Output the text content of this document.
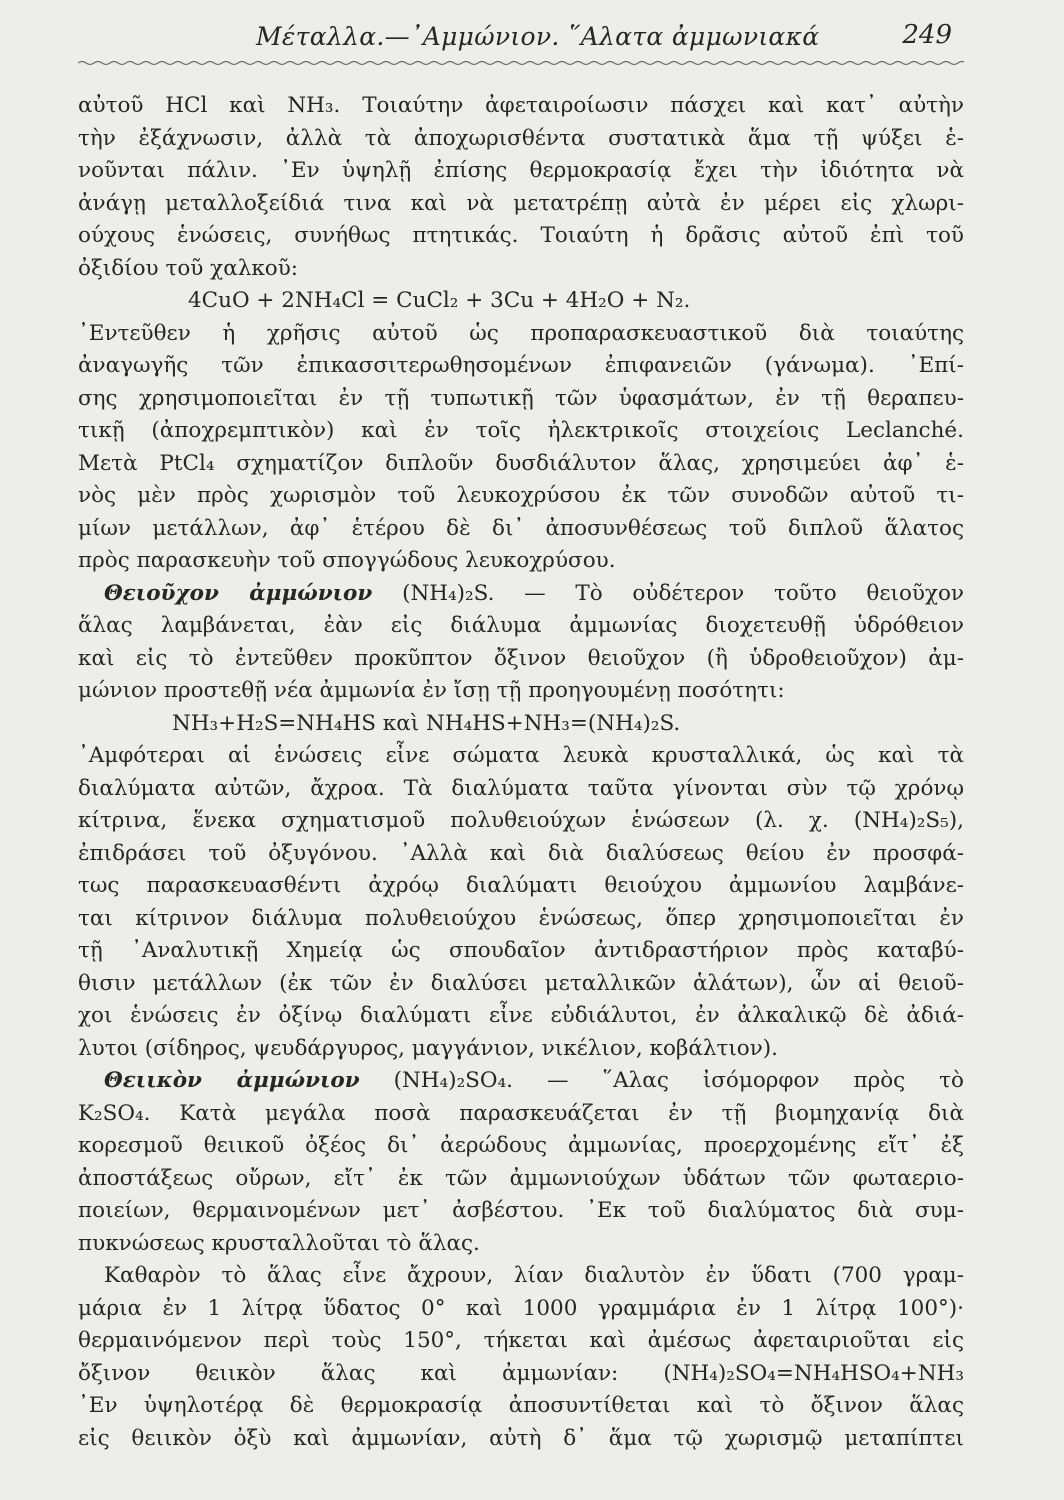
Μέταλλα.—᾿Αμμώνιον. ῞Αλατα ἀμμωνιακά	249
αὐτοῦ HCl καὶ NH₃. Τοιαύτην ἀφεταιροίωσιν πάσχει καὶ κατ᾿ αὐτὴν
τὴν ἐξάχνωσιν, ἀλλὰ τὰ ἀποχωρισθέντα συστατικὰ ἅμα τῇ ψύξει ἑ-
νοῦνται πάλιν. ᾿Εν ὑψηλῇ ἐπίσης θερμοκρασίᾳ ἔχει τὴν ἰδιότητα νὰ
ἀνάγῃ μεταλλοξείδιά τινα καὶ νὰ μετατρέπῃ αὐτὰ ἐν μέρει εἰς χλωρι-
ούχους ἑνώσεις, συνήθως πτητικάς. Τοιαύτη ἡ δρᾶσις αὐτοῦ ἐπὶ τοῦ
ὀξιδίου τοῦ χαλκοῦ:
4CuO + 2NH₄Cl = CuCl₂ + 3Cu + 4H₂O + N₂.
᾿Εντεῦθεν ἡ χρῆσις αὐτοῦ ὡς προπαρασκευαστικοῦ διὰ τοιαύτης
ἀναγωγῆς τῶν ἐπικασσιτερωθησομένων ἐπιφανειῶν (γάνωμα). ᾿Επί-
σης χρησιμοποιεῖται ἐν τῇ τυπωτικῇ τῶν ὑφασμάτων, ἐν τῇ θεραπευ-
τικῇ (ἀποχρεμπτικὸν) καὶ ἐν τοῖς ἠλεκτρικοῖς στοιχείοις Leclanché.
Μετὰ PtCl₄ σχηματίζον διπλοῦν δυσδιάλυτον ἅλας, χρησιμεύει ἀφ᾿ ἑ-
νὸς μὲν πρὸς χωρισμὸν τοῦ λευκοχρύσου ἐκ τῶν συνοδῶν αὐτοῦ τι-
μίων μετάλλων, ἀφ᾿ ἑτέρου δὲ δι᾿ ἀποσυνθέσεως τοῦ διπλοῦ ἅλατος
πρὸς παρασκευὴν τοῦ σπογγώδους λευκοχρύσου.
Θειοῦχον ἀμμώνιον (NH₄)₂S. — Τὸ οὐδέτερον τοῦτο θειοῦχον
ἅλας λαμβάνεται, ἐὰν εἰς διάλυμα ἀμμωνίας διοχετευθῇ ὑδρόθειον
καὶ εἰς τὸ ἐντεῦθεν προκῦπτον ὄξινον θειοῦχον (ἢ ὑδροθειοῦχον) ἀμ-
μώνιον προστεθῇ νέα ἀμμωνία ἐν ἴσῃ τῇ προηγουμένῃ ποσότητι:
NH₃+H₂S=NH₄HS καὶ NH₄HS+NH₃=(NH₄)₂S.
᾿Αμφότεραι αἱ ἑνώσεις εἶνε σώματα λευκὰ κρυσταλλικά, ὡς καὶ τὰ
διαλύματα αὐτῶν, ἄχροα. Τὰ διαλύματα ταῦτα γίνονται σὺν τῷ χρόνῳ
κίτρινα, ἕνεκα σχηματισμοῦ πολυθειούχων ἑνώσεων (λ. χ. (NH₄)₂S₅),
ἐπιδράσει τοῦ ὀξυγόνου. ᾿Αλλὰ καὶ διὰ διαλύσεως θείου ἐν προσφά-
τως παρασκευασθέντι ἀχρόῳ διαλύματι θειούχου ἀμμωνίου λαμβάνε-
ται κίτρινον διάλυμα πολυθειούχου ἑνώσεως, ὅπερ χρησιμοποιεῖται ἐν
τῇ ᾿Αναλυτικῇ Χημείᾳ ὡς σπουδαῖον ἀντιδραστήριον πρὸς καταβύ-
θισιν μετάλλων (ἐκ τῶν ἐν διαλύσει μεταλλικῶν ἁλάτων), ὧν αἱ θειοῦ-
χοι ἑνώσεις ἐν ὀξίνῳ διαλύματι εἶνε εὐδιάλυτοι, ἐν ἀλκαλικῷ δὲ ἀδιά-
λυτοι (σίδηρος, ψευδάργυρος, μαγγάνιον, νικέλιον, κοβάλτιον).
Θειικὸν ἀμμώνιον (NH₄)₂SO₄. — ῞Αλας ἰσόμορφον πρὸς τὸ
K₂SO₄. Κατὰ μεγάλα ποσὰ παρασκευάζεται ἐν τῇ βιομηχανίᾳ διὰ
κορεσμοῦ θειικοῦ ὀξέος δι᾿ ἀερώδους ἀμμωνίας, προερχομένης εἴτ᾿ ἐξ
ἀποστάξεως οὔρων, εἴτ᾿ ἐκ τῶν ἀμμωνιούχων ὑδάτων τῶν φωταεριο-
ποιείων, θερμαινομένων μετ᾿ ἀσβέστου. ᾿Εκ τοῦ διαλύματος διὰ συμ-
πυκνώσεως κρυσταλλοῦται τὸ ἅλας.
Καθαρὸν τὸ ἅλας εἶνε ἄχρουν, λίαν διαλυτὸν ἐν ὕδατι (700 γραμ-
μάρια ἐν 1 λίτρᾳ ὕδατος 0° καὶ 1000 γραμμάρια ἐν 1 λίτρᾳ 100°)·
θερμαινόμενον περὶ τοὺς 150°, τήκεται καὶ ἀμέσως ἀφεταιριοῦται εἰς
ὄξινον θειικὸν ἅλας καὶ ἀμμωνίαν: (NH₄)₂SO₄=NH₄HSO₄+NH₃
᾿Εν ὑψηλοτέρᾳ δὲ θερμοκρασίᾳ ἀποσυντίθεται καὶ τὸ ὄξινον ἅλας
εἰς θειικὸν ὀξὺ καὶ ἀμμωνίαν, αὐτὴ δ᾿ ἅμα τῷ χωρισμῷ μεταπίπτει
